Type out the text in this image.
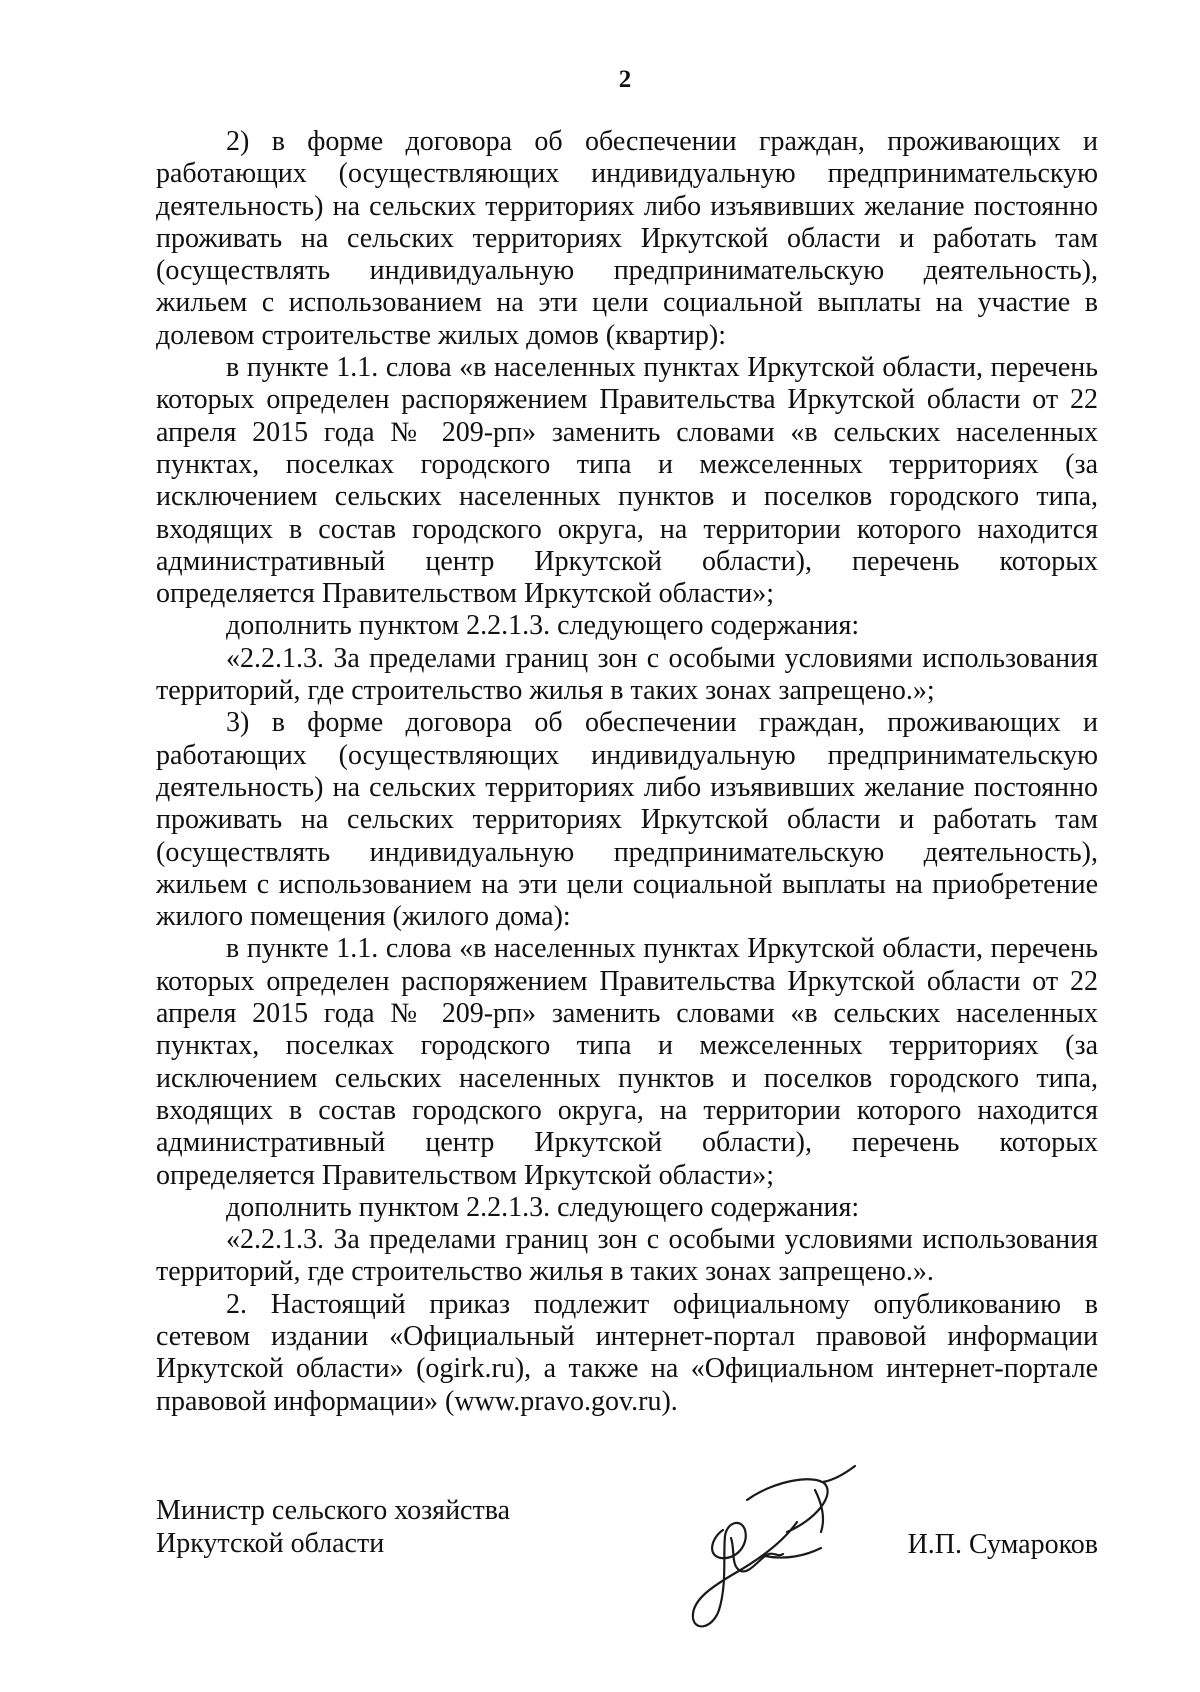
2

2) в форме договора об обеспечении граждан, проживающих и работающих (осуществляющих индивидуальную предпринимательскую деятельность) на сельских территориях либо изъявивших желание постоянно проживать на сельских территориях Иркутской области и работать там (осуществлять индивидуальную предпринимательскую деятельность), жильем с использованием на эти цели социальной выплаты на участие в долевом строительстве жилых домов (квартир):

в пункте 1.1. слова «в населенных пунктах Иркутской области, перечень которых определен распоряжением Правительства Иркутской области от 22 апреля 2015 года № 209-рп» заменить словами «в сельских населенных пунктах, поселках городского типа и межселенных территориях (за исключением сельских населенных пунктов и поселков городского типа, входящих в состав городского округа, на территории которого находится административный центр Иркутской области), перечень которых определяется Правительством Иркутской области»;

дополнить пунктом 2.2.1.3. следующего содержания:

«2.2.1.3. За пределами границ зон с особыми условиями использования территорий, где строительство жилья в таких зонах запрещено.»;

3) в форме договора об обеспечении граждан, проживающих и работающих (осуществляющих индивидуальную предпринимательскую деятельность) на сельских территориях либо изъявивших желание постоянно проживать на сельских территориях Иркутской области и работать там (осуществлять индивидуальную предпринимательскую деятельность), жильем с использованием на эти цели социальной выплаты на приобретение жилого помещения (жилого дома):

в пункте 1.1. слова «в населенных пунктах Иркутской области, перечень которых определен распоряжением Правительства Иркутской области от 22 апреля 2015 года № 209-рп» заменить словами «в сельских населенных пунктах, поселках городского типа и межселенных территориях (за исключением сельских населенных пунктов и поселков городского типа, входящих в состав городского округа, на территории которого находится административный центр Иркутской области), перечень которых определяется Правительством Иркутской области»;

дополнить пунктом 2.2.1.3. следующего содержания:

«2.2.1.3. За пределами границ зон с особыми условиями использования территорий, где строительство жилья в таких зонах запрещено.».

2. Настоящий приказ подлежит официальному опубликованию в сетевом издании «Официальный интернет-портал правовой информации Иркутской области» (ogirk.ru), а также на «Официальном интернет-портале правовой информации» (www.pravo.gov.ru).

Министр сельского хозяйства
Иркутской области	И.П. Сумароков
